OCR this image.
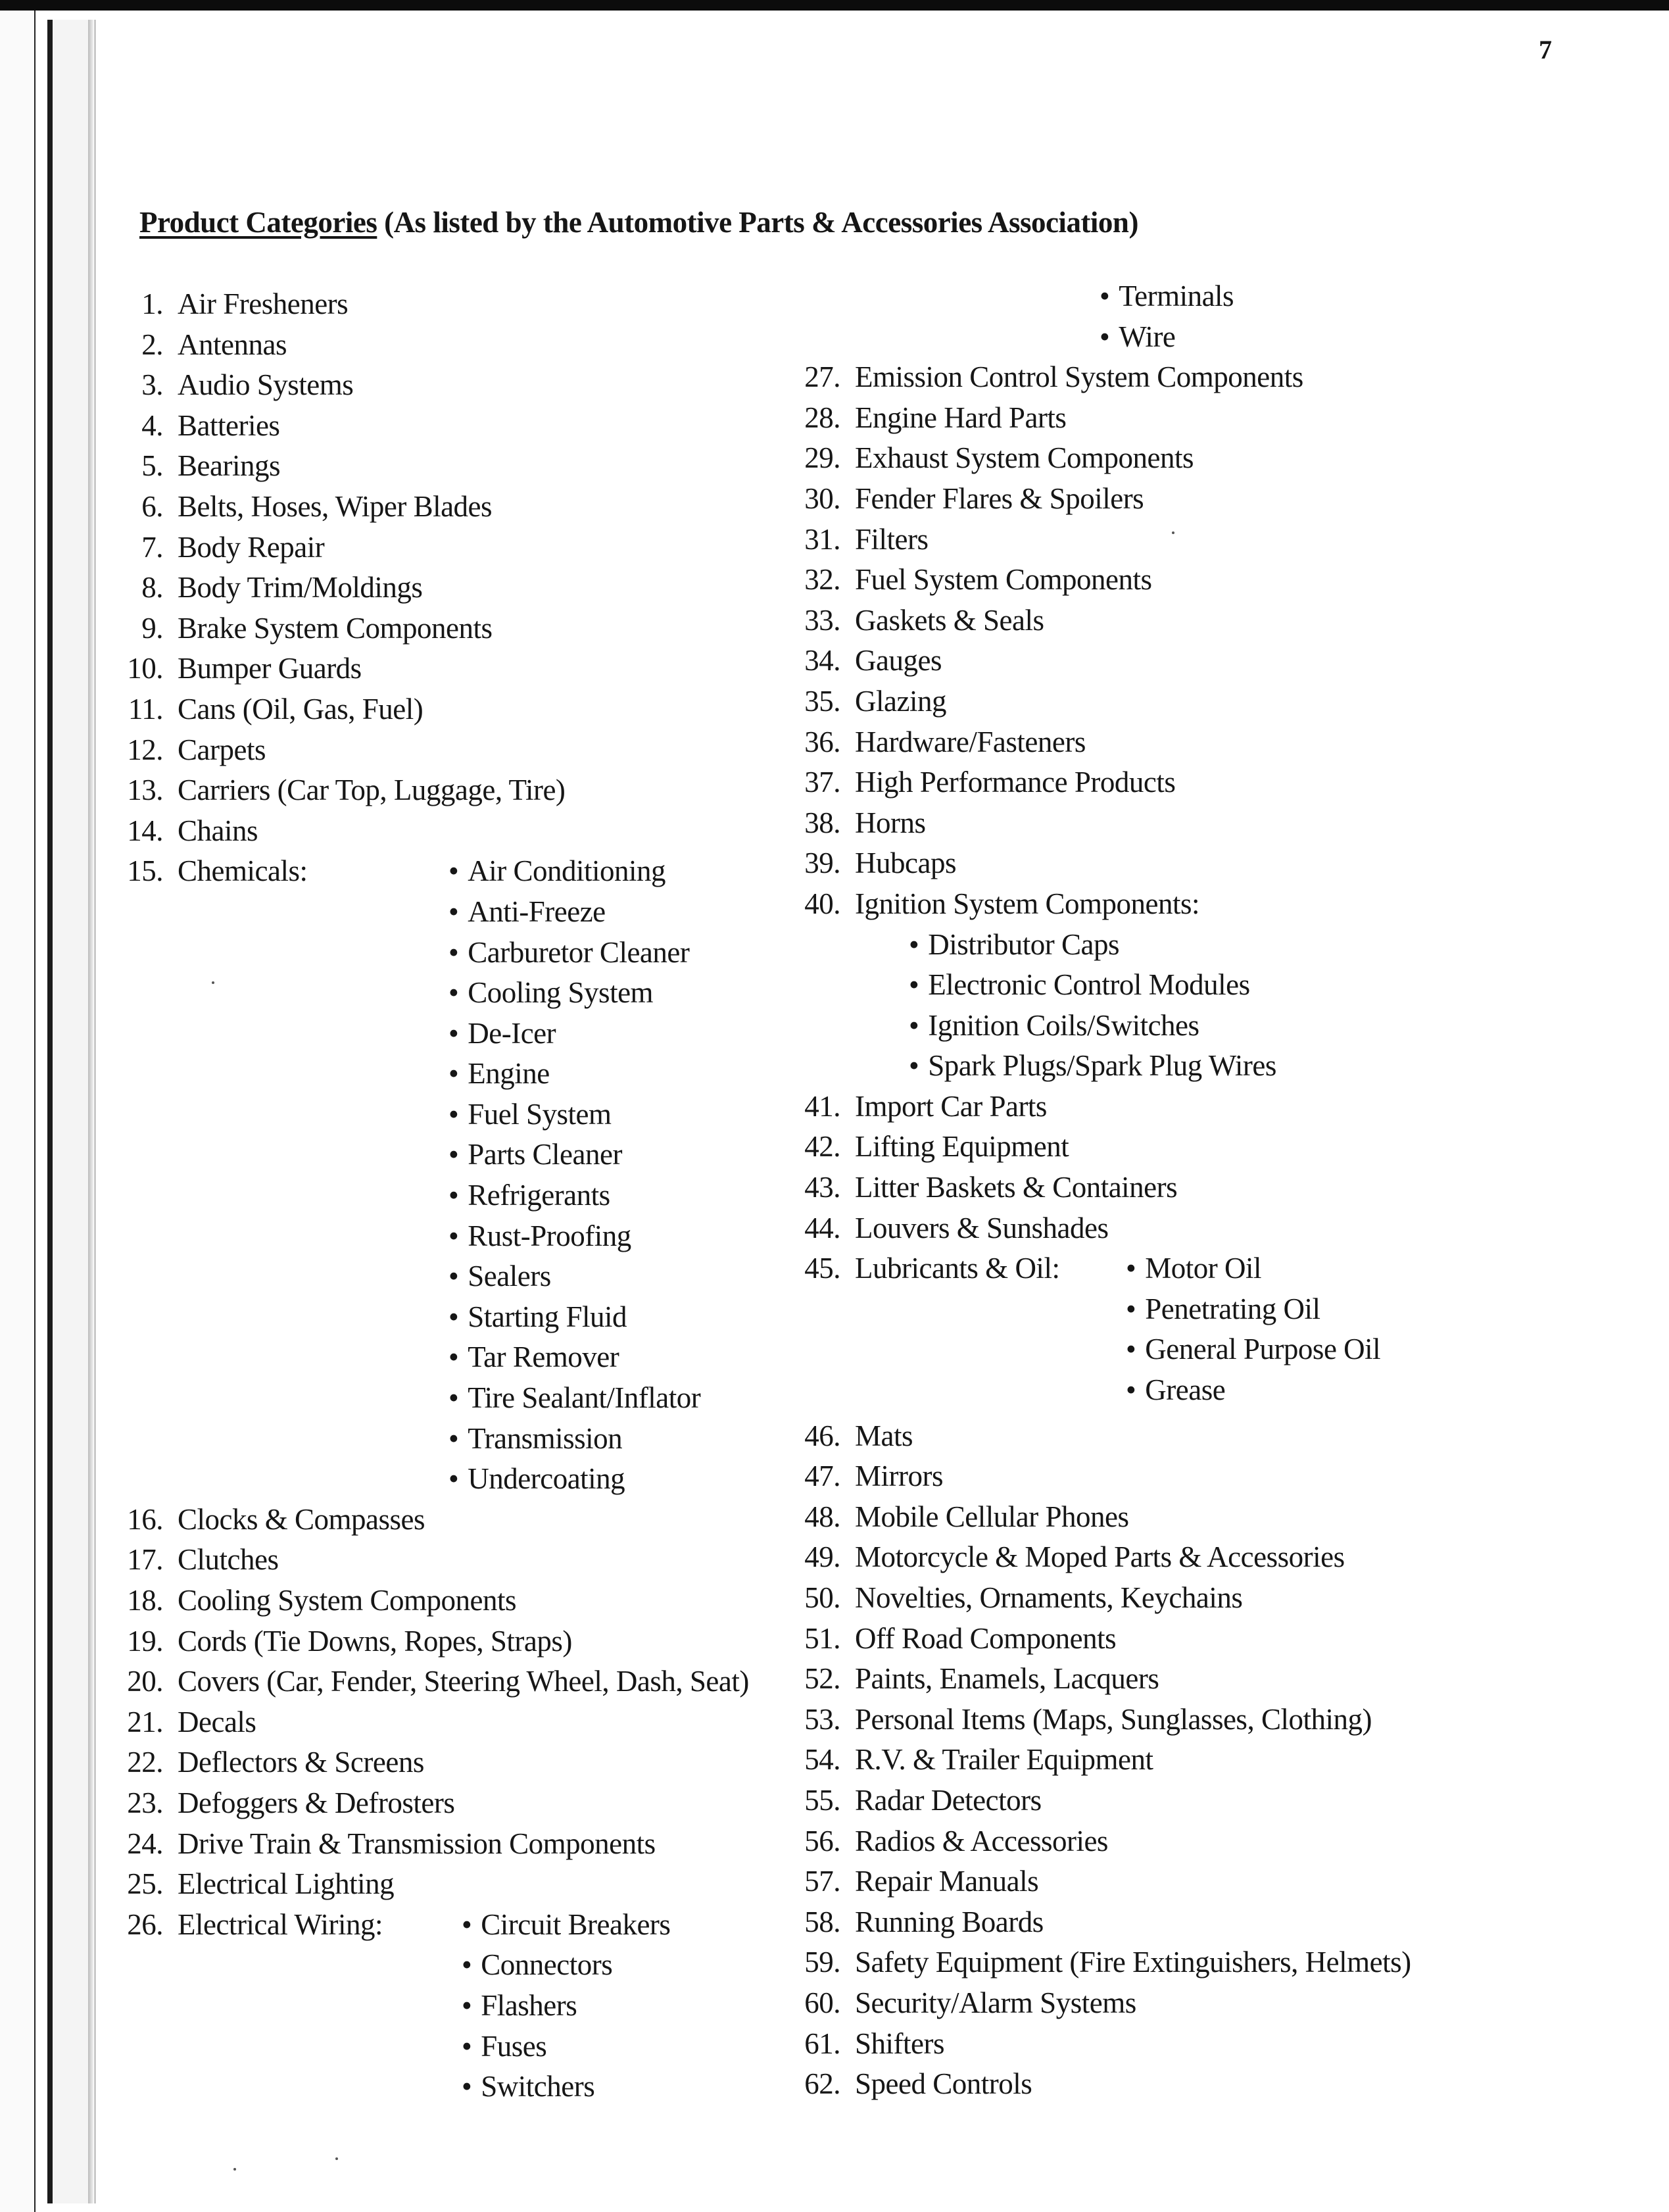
7
Product Categories (As listed by the Automotive Parts & Accessories Association)
1. Air Fresheners
2. Antennas
3. Audio Systems
4. Batteries
5. Bearings
6. Belts, Hoses, Wiper Blades
7. Body Repair
8. Body Trim/Moldings
9. Brake System Components
10. Bumper Guards
11. Cans (Oil, Gas, Fuel)
12. Carpets
13. Carriers (Car Top, Luggage, Tire)
14. Chains
15. Chemicals:	• Air Conditioning
• Anti-Freeze
• Carburetor Cleaner
• Cooling System
• De-Icer
• Engine
• Fuel System
• Parts Cleaner
• Refrigerants
• Rust-Proofing
• Sealers
• Starting Fluid
• Tar Remover
• Tire Sealant/Inflator
• Transmission
• Undercoating
16. Clocks & Compasses
17. Clutches
18. Cooling System Components
19. Cords (Tie Downs, Ropes, Straps)
20. Covers (Car, Fender, Steering Wheel, Dash, Seat)
21. Decals
22. Deflectors & Screens
23. Defoggers & Defrosters
24. Drive Train & Transmission Components
25. Electrical Lighting
26. Electrical Wiring:	• Circuit Breakers
• Connectors
• Flashers
• Fuses
• Switchers
• Terminals
• Wire
27. Emission Control System Components
28. Engine Hard Parts
29. Exhaust System Components
30. Fender Flares & Spoilers
31. Filters
32. Fuel System Components
33. Gaskets & Seals
34. Gauges
35. Glazing
36. Hardware/Fasteners
37. High Performance Products
38. Horns
39. Hubcaps
40. Ignition System Components:
• Distributor Caps
• Electronic Control Modules
• Ignition Coils/Switches
• Spark Plugs/Spark Plug Wires
41. Import Car Parts
42. Lifting Equipment
43. Litter Baskets & Containers
44. Louvers & Sunshades
45. Lubricants & Oil:	• Motor Oil
• Penetrating Oil
• General Purpose Oil
• Grease
46. Mats
47. Mirrors
48. Mobile Cellular Phones
49. Motorcycle & Moped Parts & Accessories
50. Novelties, Ornaments, Keychains
51. Off Road Components
52. Paints, Enamels, Lacquers
53. Personal Items (Maps, Sunglasses, Clothing)
54. R.V. & Trailer Equipment
55. Radar Detectors
56. Radios & Accessories
57. Repair Manuals
58. Running Boards
59. Safety Equipment (Fire Extinguishers, Helmets)
60. Security/Alarm Systems
61. Shifters
62. Speed Controls
